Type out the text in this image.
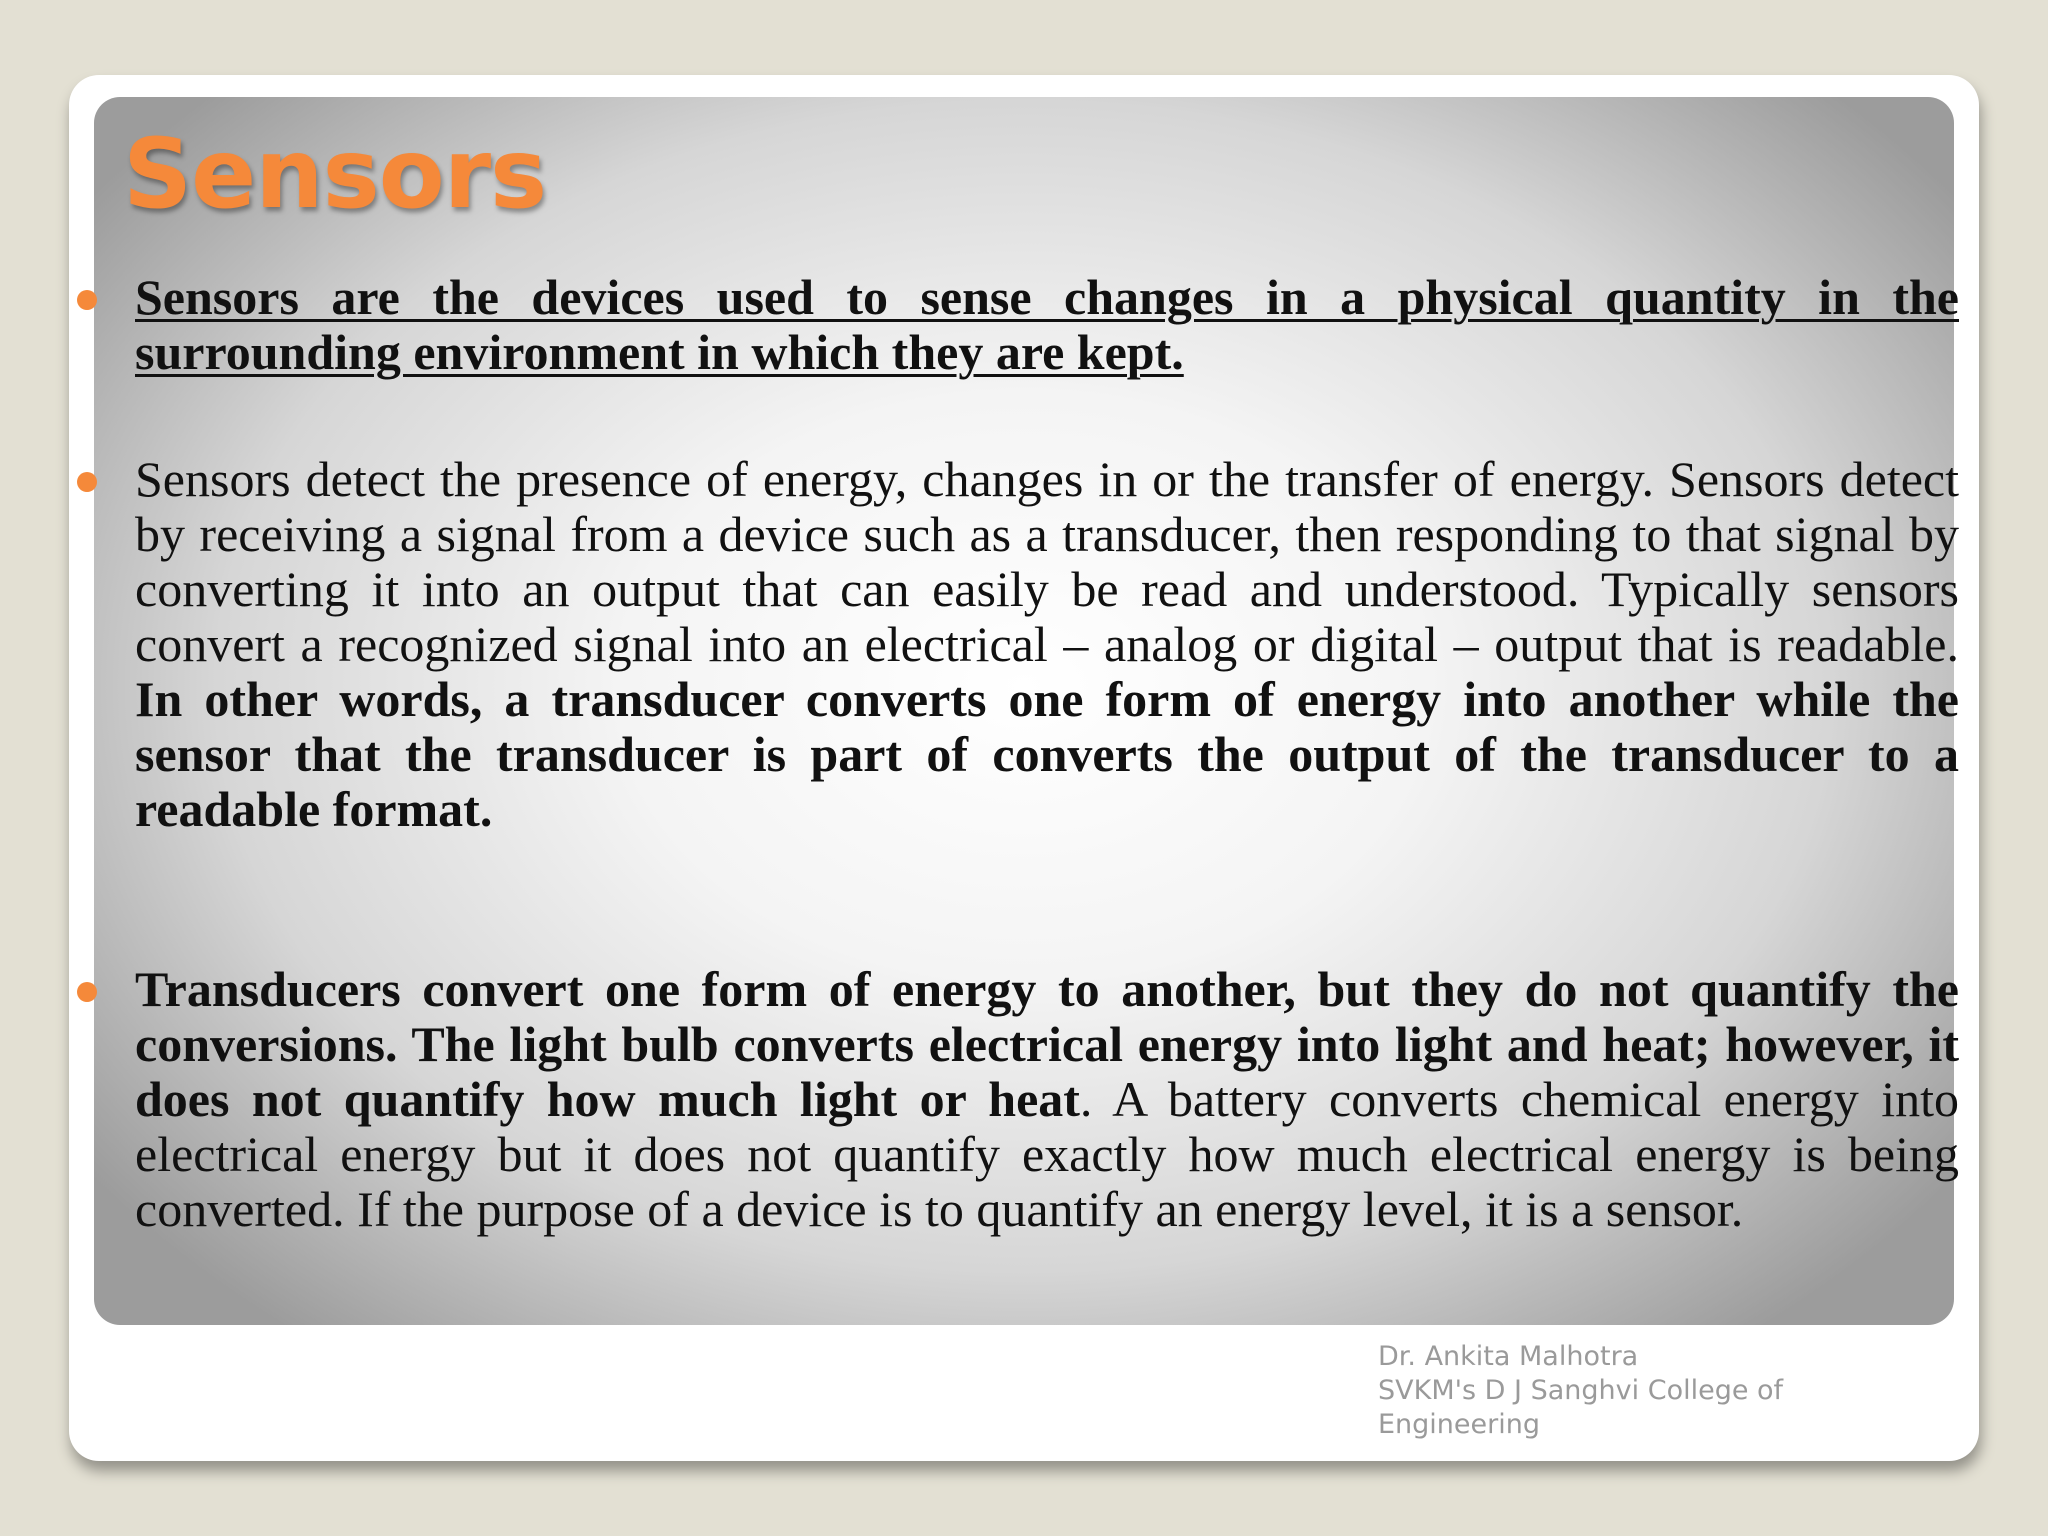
Sensors
Sensors are the devices used to sense changes in a physical quantity in the surrounding environment in which they are kept.
Sensors detect the presence of energy, changes in or the transfer of energy. Sensors detect by receiving a signal from a device such as a transducer, then responding to that signal by converting it into an output that can easily be read and understood. Typically sensors convert a recognized signal into an electrical – analog or digital – output that is readable. In other words, a transducer converts one form of energy into another while the sensor that the transducer is part of converts the output of the transducer to a readable format.
Transducers convert one form of energy to another, but they do not quantify the conversions. The light bulb converts electrical energy into light and heat; however, it does not quantify how much light or heat. A battery converts chemical energy into electrical energy but it does not quantify exactly how much electrical energy is being converted. If the purpose of a device is to quantify an energy level, it is a sensor.
Dr. Ankita Malhotra
SVKM's D J Sanghvi College of
Engineering
